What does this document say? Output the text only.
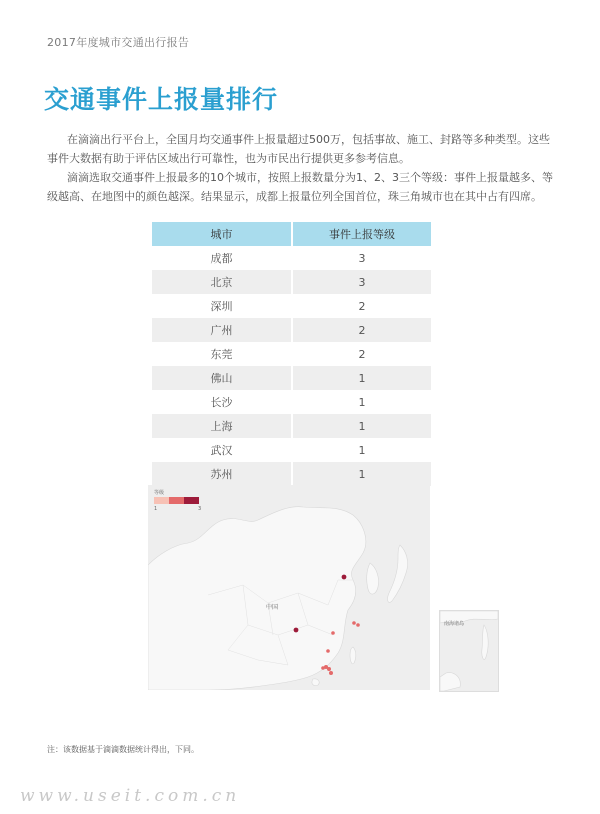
2017年度城市交通出行报告
交通事件上报量排行

在滴滴出行平台上，全国月均交通事件上报量超过500万，包括事故、施工、封路等多种类型。这些事件大数据有助于评估区域出行可靠性，也为市民出行提供更多参考信息。

滴滴选取交通事件上报最多的10个城市，按照上报数量分为1、2、3三个等级：事件上报量越多、等级越高、在地图中的颜色越深。结果显示，成都上报量位列全国首位，珠三角城市也在其中占有四席。

城市	事件上报等级
成都	3
北京	3
深圳	2
广州	2
东莞	2
佛山	1
长沙	1
上海	1
武汉	1
苏州	1
中国
等级
1	3
南海诸岛

注：该数据基于滴滴数据统计得出，下同。

www.useit.com.cn
